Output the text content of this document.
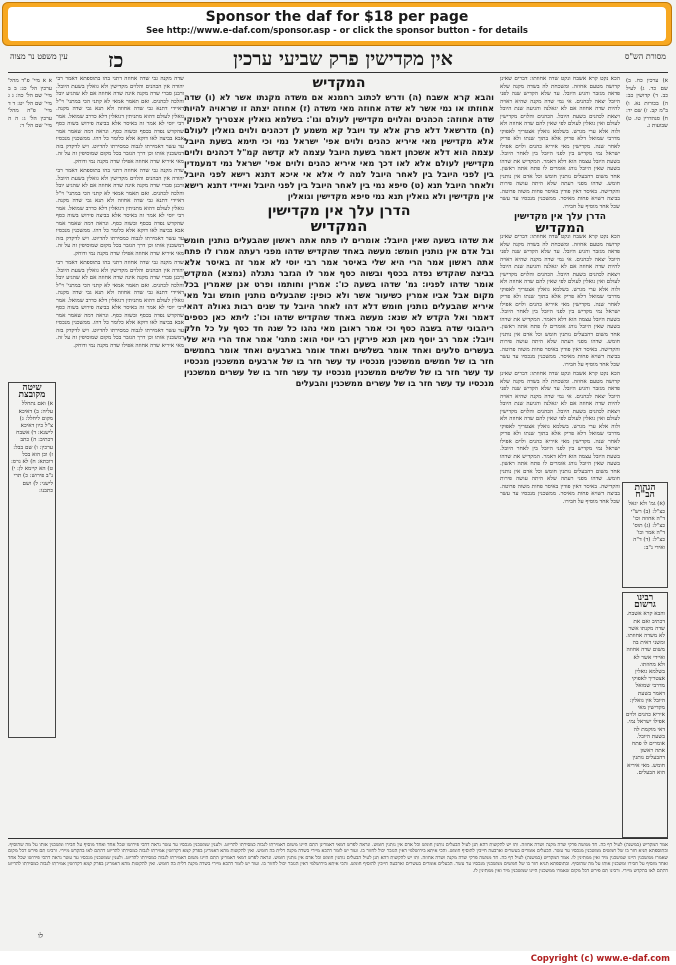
Sponsor the daf for $18 per page
See http://www.e-daf.com/sponsor.asp - or click the sponsor button - for details
מסורת הש"ס
אין מקדישין פרק שביעי ערכין
כז
עין משפט נר מצוה

א) ערכין כח. ב) שם כד. ג) לעיל כב. ד) קדושין כב: ה) בכורות נא. ו) ב"מ קב. ז) שם יד: ח) סנהדרין טו. ט) שבועות ג.

הגהות הב"ח
(א) גמ' ולא יגאל כצ"ל: (ב) רש"י ד"ה אחוזה וכו' כצ"ל: (ג) תוס' ד"ה אמר וכו' כצ"ל: (ד) ד"ה ואידי נ"ב:
רבינו גרשום
והבא קרא אשבח. דכתיב ואם את שדה מקנתו אשר לא משדה אחוזתו. ומשני דאית בה משום שדה אחוזה ואיידי אשר לא ולא מחוזתו. בשלמא גואלין אצטריך לאפוקי מדרבי שמואל דאמר בשעת היובל אין גואלין: מקדישין מאי איריא כהנים ולוים אפילו ישראל נמי. דאי מוקמת לה בשעת היובל. אומרים לו פתח אתה ראשון דהבעלים נותנין חומש. מאי איריא הוא הבעלים.

הכא נקט קרא אשבח ונקט שדה אחוזתו: דברים שאינן קדושה מטעם אחוזה. ומשכחת לה בשדה מקנה שלא פדאה מגזבר והגיע היובל. עד שלא הקדיש שנה לפני היובל יצאה לכהנים. אי נמי שדה מקנה שהיא ראויה להיות שדה אחוזה אם לא יגאלנה והגיעה שנת היובל ויצאת לכהנים בשעת היובל. הכהנים והלוים מקדישין לעולם ואין גואלין לעולם לפי שאין להם שדה אחוזה ולא ולוה אלא ערי מגרש. בשלמא גואלין אצטריך לאפוקי מדרבי שמואל דלא פריק אלא בתוך שנתו ולא פריק לאחר שנה. מקדישין מאי איריא כהנים ולוים אפילו ישראל נמי מקדיש בין לפני היובל בין לאחר היובל. בשעת היובל עצמה הוא דלא דאמר. המקדיש את שדהו בשעה שאין היובל נוהג אומרים לו פתח אתה ראשון. אחד משום דהבעלים נותנין חומש וכל אדם אין נותנין חומש. שדהו מפני רעתה שלא היתה עושה פירות והקדישה. באיסר דאין פודין באיסר פחות משוה פרוטה. בביצה דשויא פחות מאיסר. ממשכנין מנכסיו עד עשר שכל אחד מוסיף על חבירו.

הדרן עלך אין מקדישין
המקדיש

הכא נקט קרא אשבח ונקט שדה אחוזתו: דברים שאינן קדושה מטעם אחוזה. ומשכחת לה בשדה מקנה שלא פדאה מגזבר והגיע היובל. עד שלא הקדיש שנה לפני היובל יצאה לכהנים. אי נמי שדה מקנה שהיא ראויה להיות שדה אחוזה אם לא יגאלנה והגיעה שנת היובל ויצאת לכהנים בשעת היובל. הכהנים והלוים מקדישין לעולם ואין גואלין לעולם לפי שאין להם שדה אחוזה ולא ולוה אלא ערי מגרש. בשלמא גואלין אצטריך לאפוקי מדרבי שמואל דלא פריק אלא בתוך שנתו ולא פריק לאחר שנה. מקדישין מאי איריא כהנים ולוים אפילו ישראל נמי מקדיש בין לפני היובל בין לאחר היובל. בשעת היובל עצמה הוא דלא דאמר. המקדיש את שדהו בשעה שאין היובל נוהג אומרים לו פתח אתה ראשון. אחד משום דהבעלים נותנין חומש וכל אדם אין נותנין חומש. שדהו מפני רעתה שלא היתה עושה פירות והקדישה. באיסר דאין פודין באיסר פחות משוה פרוטה. בביצה דשויא פחות מאיסר. ממשכנין מנכסיו עד עשר שכל אחד מוסיף על חבירו.

הכא נקט קרא אשבח ונקט שדה אחוזתו: דברים שאינן קדושה מטעם אחוזה. ומשכחת לה בשדה מקנה שלא פדאה מגזבר והגיע היובל. עד שלא הקדיש שנה לפני היובל יצאה לכהנים. אי נמי שדה מקנה שהיא ראויה להיות שדה אחוזה אם לא יגאלנה והגיעה שנת היובל ויצאת לכהנים בשעת היובל. הכהנים והלוים מקדישין לעולם ואין גואלין לעולם לפי שאין להם שדה אחוזה ולא ולוה אלא ערי מגרש. בשלמא גואלין אצטריך לאפוקי מדרבי שמואל דלא פריק אלא בתוך שנתו ולא פריק לאחר שנה. מקדישין מאי איריא כהנים ולוים אפילו ישראל נמי מקדיש בין לפני היובל בין לאחר היובל. בשעת היובל עצמה הוא דלא דאמר. המקדיש את שדהו בשעה שאין היובל נוהג אומרים לו פתח אתה ראשון. אחד משום דהבעלים נותנין חומש וכל אדם אין נותנין חומש. שדהו מפני רעתה שלא היתה עושה פירות והקדישה. באיסר דאין פודין באיסר פחות משוה פרוטה. בביצה דשויא פחות מאיסר. ממשכנין מנכסיו עד עשר שכל אחד מוסיף על חבירו.

המקדיש

והבא קרא אשבח (ה) ודרש לכתוב רחמנא אם משדה מקנתו אשר לא (ו) שדה אחוזתו או נמי אשר לא שדה אחוזה מאי משדה (ז) אחוזה יצתה זו שראויה להיות שדה אחוזה: הכהנים והלוים מקדישין לעולם וגו': בשלמא גואלין אצטריך לאפוקי (ח) מדרשאל דלא פרק אלא עד ויובל קא משמע לן דכהנים ולוים גואלין לעולם אלא מקדישין מאי איריא כהנים ולוים אפי' ישראל נמי וכי תימא בשעת היובל עצמה הוא דלא אשכחן דאמר בשעת היובל עצמה לא קדשה קמ"ל דכהנים ולוים מקדישין לעולם אלא לאו דכך מאי איריא כהנים ולוים אפי' ישראל נמי דמעמדין בין לפני היובל בין לאחר היובל למה לי אלא אי איכא דתנא רישא לפני היובל ולאחר היובל תנא (ט) סיפא נמי בין לאחר היובל בין לפני היובל ואיידי דתנא רישא אין מקדישין ולא גואלין תנא נמי סיפא מקדישין וגואלין

הדרן עלך אין מקדישין
המקדיש

את שדהו בשעה שאין היובל: אומרים לו פתח אתה ראשון שהבעלים נותנין חומש ובל אדם אין נותנין חומש: מעשה באחד שהקדיש שדהו מפני רעתה אמרו לו פתח אתה ראשון אמר הרי היא שלי באיסר אמר רבי יוסי לא אמר זה באיסר אלא בביצה שהקדש נפדה בכסף ובשוה כסף אמר לו הגזבר נתגלה (נמצא) המקדש אומר שדהו לפניו: גמ' שדהו בשעה כו': אמרין וחותמו ופרט אנן שאמרין בכל מקום אבל אביו אמרין כשיעור אשר ולא כופין: שהבעלים נותנין חומש ובל מאי איריא שהבעלים נותנין חומש דלא דהו לאחר היובל עד שנים רבות גאולה דהאי דאמר ואל הקדש לא שנא: מעשה באחד שהקדיש שדהו וכו': ליתא כאן כספים ריהבוני שדה בשבה כסף וכי אמר ראובן מאי נהגו כל שנה חד כסף על כל חלק ויובל: אמר רב יוסף מאן תנא פירקין רבי יוסי הוא: מתני' אמר אחד הרי היא שלי בעשרים סלעים ואחד אומר בשלשים ואחד אומר בארבעים ואחד אומר בחמשים חזר בו של חמשים ממשכנין מנכסיו עד עשר חזר בו של ארבעים ממשכנין מנכסיו עד עשר חזר בו של שלשים ממשכנין מנכסיו עד עשר חזר בו של עשרים ממשכנין מנכסיו עד עשר חזר בו של עשרים ממשכנין והבעלים

שדה מקנה גבי שדה אחוזה דתני בהו בתוספתא דאמר רבי יהודה אין הכהנים והלוים מקדישין ולא גואלין בשעת היובל. ורבנן סברי שדה מקנה אינה שדה אחוזה אם לא שהגיע יובל והלכה לכהנים. ואם תאמר אמאי לא קתני הכי במתני' וי"ל דאיידי דתנא גבי שדה אחוזה ולא תנא גבי שדה מקנה. גואלין לעולם דהוא מתניתין דגואלין דלא כדרב שמואל. אמר רבי יוסי לא אמר זה באיסר אלא בביצה פירוש בשוה כסף שהקדש נפדה בכסף ובשוה כסף. ונראה דמה שאמר אמר אבא בביצה לאו דוקא אלא כלומר כל דהו. ממשכנין מנכסיו עד עשר דאמירתו לגבוה כמסירתו להדיוט. ויש לדקדק בזה דמשכנין אותו וכן דרך הגזבר בכל מקום שמוסיפין זה על זה. מאי איריא שדה אחוזה אפילו שדה מקנה נמי ודוחק.

שדה מקנה גבי שדה אחוזה דתני בהו בתוספתא דאמר רבי יהודה אין הכהנים והלוים מקדישין ולא גואלין בשעת היובל. ורבנן סברי שדה מקנה אינה שדה אחוזה אם לא שהגיע יובל והלכה לכהנים. ואם תאמר אמאי לא קתני הכי במתני' וי"ל דאיידי דתנא גבי שדה אחוזה ולא תנא גבי שדה מקנה. גואלין לעולם דהוא מתניתין דגואלין דלא כדרב שמואל. אמר רבי יוסי לא אמר זה באיסר אלא בביצה פירוש בשוה כסף שהקדש נפדה בכסף ובשוה כסף. ונראה דמה שאמר אמר אבא בביצה לאו דוקא אלא כלומר כל דהו. ממשכנין מנכסיו עד עשר דאמירתו לגבוה כמסירתו להדיוט. ויש לדקדק בזה דמשכנין אותו וכן דרך הגזבר בכל מקום שמוסיפין זה על זה. מאי איריא שדה אחוזה אפילו שדה מקנה נמי ודוחק.

שדה מקנה גבי שדה אחוזה דתני בהו בתוספתא דאמר רבי יהודה אין הכהנים והלוים מקדישין ולא גואלין בשעת היובל. ורבנן סברי שדה מקנה אינה שדה אחוזה אם לא שהגיע יובל והלכה לכהנים. ואם תאמר אמאי לא קתני הכי במתני' וי"ל דאיידי דתנא גבי שדה אחוזה ולא תנא גבי שדה מקנה. גואלין לעולם דהוא מתניתין דגואלין דלא כדרב שמואל. אמר רבי יוסי לא אמר זה באיסר אלא בביצה פירוש בשוה כסף שהקדש נפדה בכסף ובשוה כסף. ונראה דמה שאמר אמר אבא בביצה לאו דוקא אלא כלומר כל דהו. ממשכנין מנכסיו עד עשר דאמירתו לגבוה כמסירתו להדיוט. ויש לדקדק בזה דמשכנין אותו וכן דרך הגזבר בכל מקום שמוסיפין זה על זה. מאי איריא שדה אחוזה אפילו שדה מקנה נמי ודוחק.

א א מיי' פ"ד מהל' ערכין הל' כג: ב ב מיי' שם הל' כה: ג ג מיי' שם הל' יט: ד ד מיי' פ"ה מהל' ערכין הל' ג: ה ה מיי' שם הל' ד:

שיטה מקובצת
א) ואם נתחלל עליה: ב) דאיכא מקום ליחלל: ג) צ"ל כיון דאיכא לישנא: ד) אשבח דכתיב: ה) כתב ערכין: ו) שם בבל: ז) וכן הוא בכל דוכתא: ח) לא גרס: ט) הא קיימא לן: י) נ"ב פירוש: כ) תרי לישני: ל) ושם כתבנו:
אמר המקדיש (במשנה) לעיל דף כה. חד ממשה פרקי שדה מקנה ושדה אחוזה. ותו יש להקשות דהא תנן לעיל הבעלים נותנין חומש וכל אדם אין נותנין חומש. ונראה לפרש דמאי דאמרינן התם היינו משום דאמירתו לגבוה כמסירתו להדיוט. ולענין שמשכנין מנכסיו עד עשר נראה דהכי פירושו שכל אחד ואחד מוסיף על חבירו ומשכנין אותו על מה שהוסיף. ובתוספתא תניא חזר בו של חמשים ממשכנין מנכסיו עד עשר. הבעלים אומרים בעשרים וארבעה חייבין להוסיף חומש. והכי איתא בירושלמי דאין הגזבר יכול לחזור בו. ועוד יש לומר דהכא מיירי בשדה מקנה דלית בה חומש. ואין להקשות מהא דאמרינן בפרק קמא דקדושין אמירתו לגבוה כמסירתו להדיוט דהתם לאו בהקדש מיירי. ורבינו תם פירש דכל מקום שאמרו ממשכנין היינו שמשכנין מיד ואין ממתינין לו. אמר המקדיש (במשנה) לעיל דף כה. חד ממשה פרקי שדה מקנה ושדה אחוזה. ותו יש להקשות דהא תנן לעיל הבעלים נותנין חומש וכל אדם אין נותנין חומש. ונראה לפרש דמאי דאמרינן התם היינו משום דאמירתו לגבוה כמסירתו להדיוט. ולענין שמשכנין מנכסיו עד עשר נראה דהכי פירושו שכל אחד ואחד מוסיף על חבירו ומשכנין אותו על מה שהוסיף. ובתוספתא תניא חזר בו של חמשים ממשכנין מנכסיו עד עשר. הבעלים אומרים בעשרים וארבעה חייבין להוסיף חומש. והכי איתא בירושלמי דאין הגזבר יכול לחזור בו. ועוד יש לומר דהכא מיירי בשדה מקנה דלית בה חומש. ואין להקשות מהא דאמרינן בפרק קמא דקדושין אמירתו לגבוה כמסירתו להדיוט דהתם לאו בהקדש מיירי. ורבינו תם פירש דכל מקום שאמרו ממשכנין היינו שמשכנין מיד ואין ממתינין לו.
לו
Copyright (c) www.e-daf.com
